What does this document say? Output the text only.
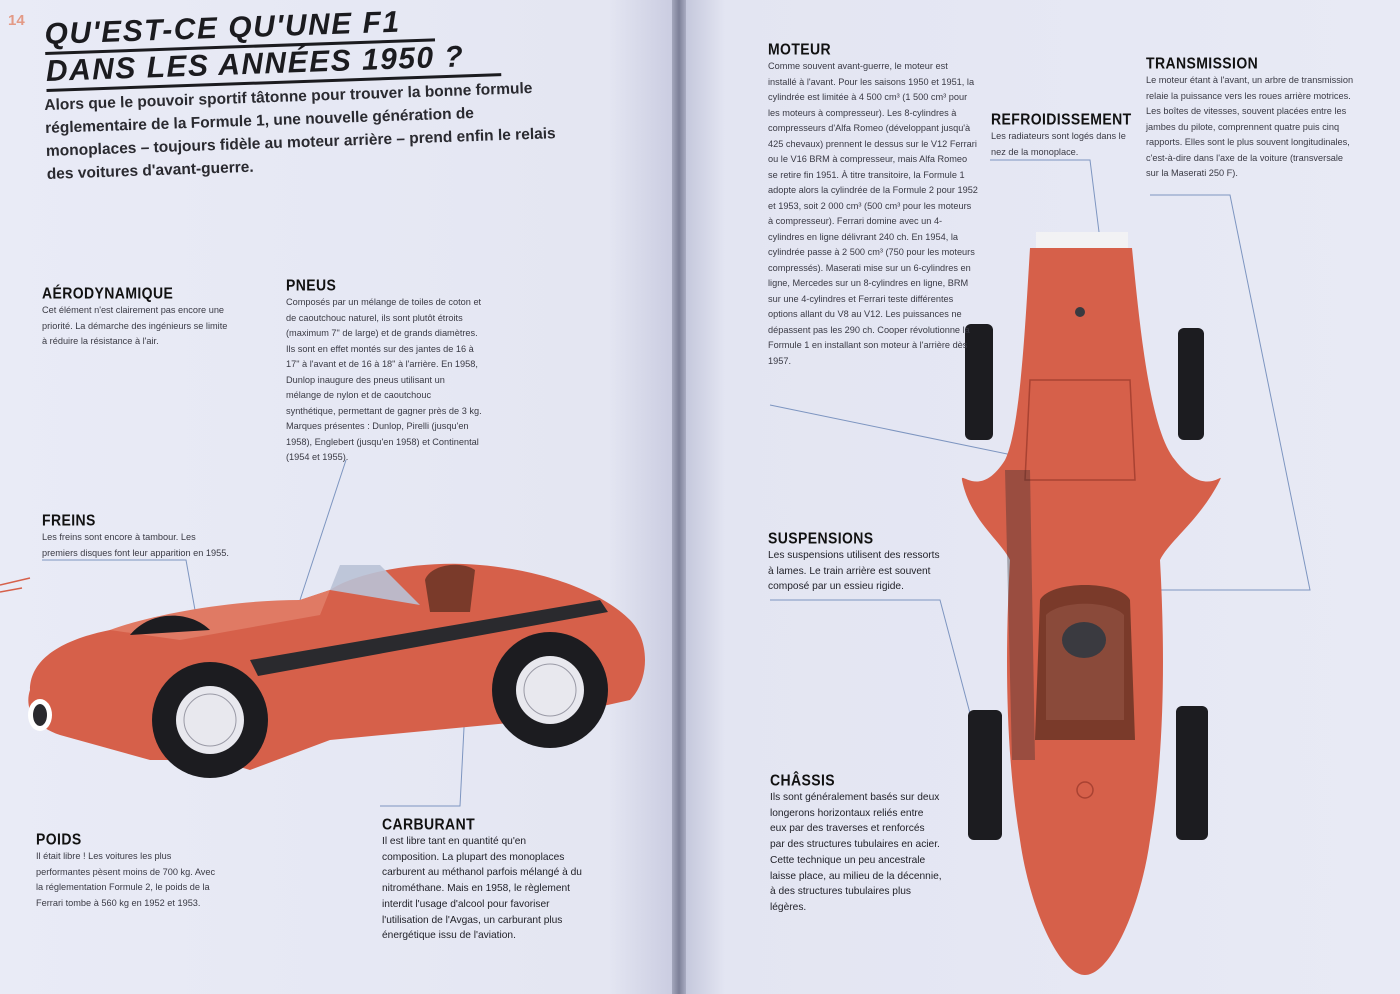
14 QU'EST-CE QU'UNE F1
DANS LES ANNÉES 1950 ?

Alors que le pouvoir sportif tâtonne pour trouver la bonne formule réglementaire de la Formule 1, une nouvelle génération de monoplaces – toujours fidèle au moteur arrière – prend enfin le relais des voitures d'avant-guerre.

AÉRODYNAMIQUE

Cet élément n'est clairement pas encore une priorité. La démarche des ingénieurs se limite à réduire la résistance à l'air.

PNEUS

Composés par un mélange de toiles de coton et de caoutchouc naturel, ils sont plutôt étroits (maximum 7" de large) et de grands diamètres. Ils sont en effet montés sur des jantes de 16 à 17" à l'avant et de 16 à 18" à l'arrière. En 1958, Dunlop inaugure des pneus utilisant un mélange de nylon et de caoutchouc synthétique, permettant de gagner près de 3 kg. Marques présentes : Dunlop, Pirelli (jusqu'en 1958), Englebert (jusqu'en 1958) et Continental (1954 et 1955).

FREINS

Les freins sont encore à tambour. Les premiers disques font leur apparition en 1955.

POIDS

Il était libre ! Les voitures les plus performantes pèsent moins de 700 kg. Avec la réglementation Formule 2, le poids de la Ferrari tombe à 560 kg en 1952 et 1953.

CARBURANT

Il est libre tant en quantité qu'en composition. La plupart des monoplaces carburent au méthanol parfois mélangé à du nitrométhane. Mais en 1958, le règlement interdit l'usage d'alcool pour favoriser l'utilisation de l'Avgas, un carburant plus énergétique issu de l'aviation.

MOTEUR

Comme souvent avant-guerre, le moteur est installé à l'avant. Pour les saisons 1950 et 1951, la cylindrée est limitée à 4 500 cm³ (1 500 cm³ pour les moteurs à compresseur). Les 8-cylindres à compresseurs d'Alfa Romeo (développant jusqu'à 425 chevaux) prennent le dessus sur le V12 Ferrari ou le V16 BRM à compresseur, mais Alfa Romeo se retire fin 1951. À titre transitoire, la Formule 1 adopte alors la cylindrée de la Formule 2 pour 1952 et 1953, soit 2 000 cm³ (500 cm³ pour les moteurs à compresseur). Ferrari domine avec un 4-cylindres en ligne délivrant 240 ch. En 1954, la cylindrée passe à 2 500 cm³ (750 pour les moteurs compressés). Maserati mise sur un 6-cylindres en ligne, Mercedes sur un 8-cylindres en ligne, BRM sur une 4-cylindres et Ferrari teste différentes options allant du V8 au V12. Les puissances ne dépassent pas les 290 ch. Cooper révolutionne la Formule 1 en installant son moteur à l'arrière dès 1957.

REFROIDISSEMENT

Les radiateurs sont logés dans le nez de la monoplace.

TRANSMISSION

Le moteur étant à l'avant, un arbre de transmission relaie la puissance vers les roues arrière motrices. Les boîtes de vitesses, souvent placées entre les jambes du pilote, comprennent quatre puis cinq rapports. Elles sont le plus souvent longitudinales, c'est-à-dire dans l'axe de la voiture (transversale sur la Maserati 250 F).

SUSPENSIONS

Les suspensions utilisent des ressorts à lames. Le train arrière est souvent composé par un essieu rigide.

CHÂSSIS

Ils sont généralement basés sur deux longerons horizontaux reliés entre eux par des traverses et renforcés par des structures tubulaires en acier. Cette technique un peu ancestrale laisse place, au milieu de la décennie, à des structures tubulaires plus légères.
